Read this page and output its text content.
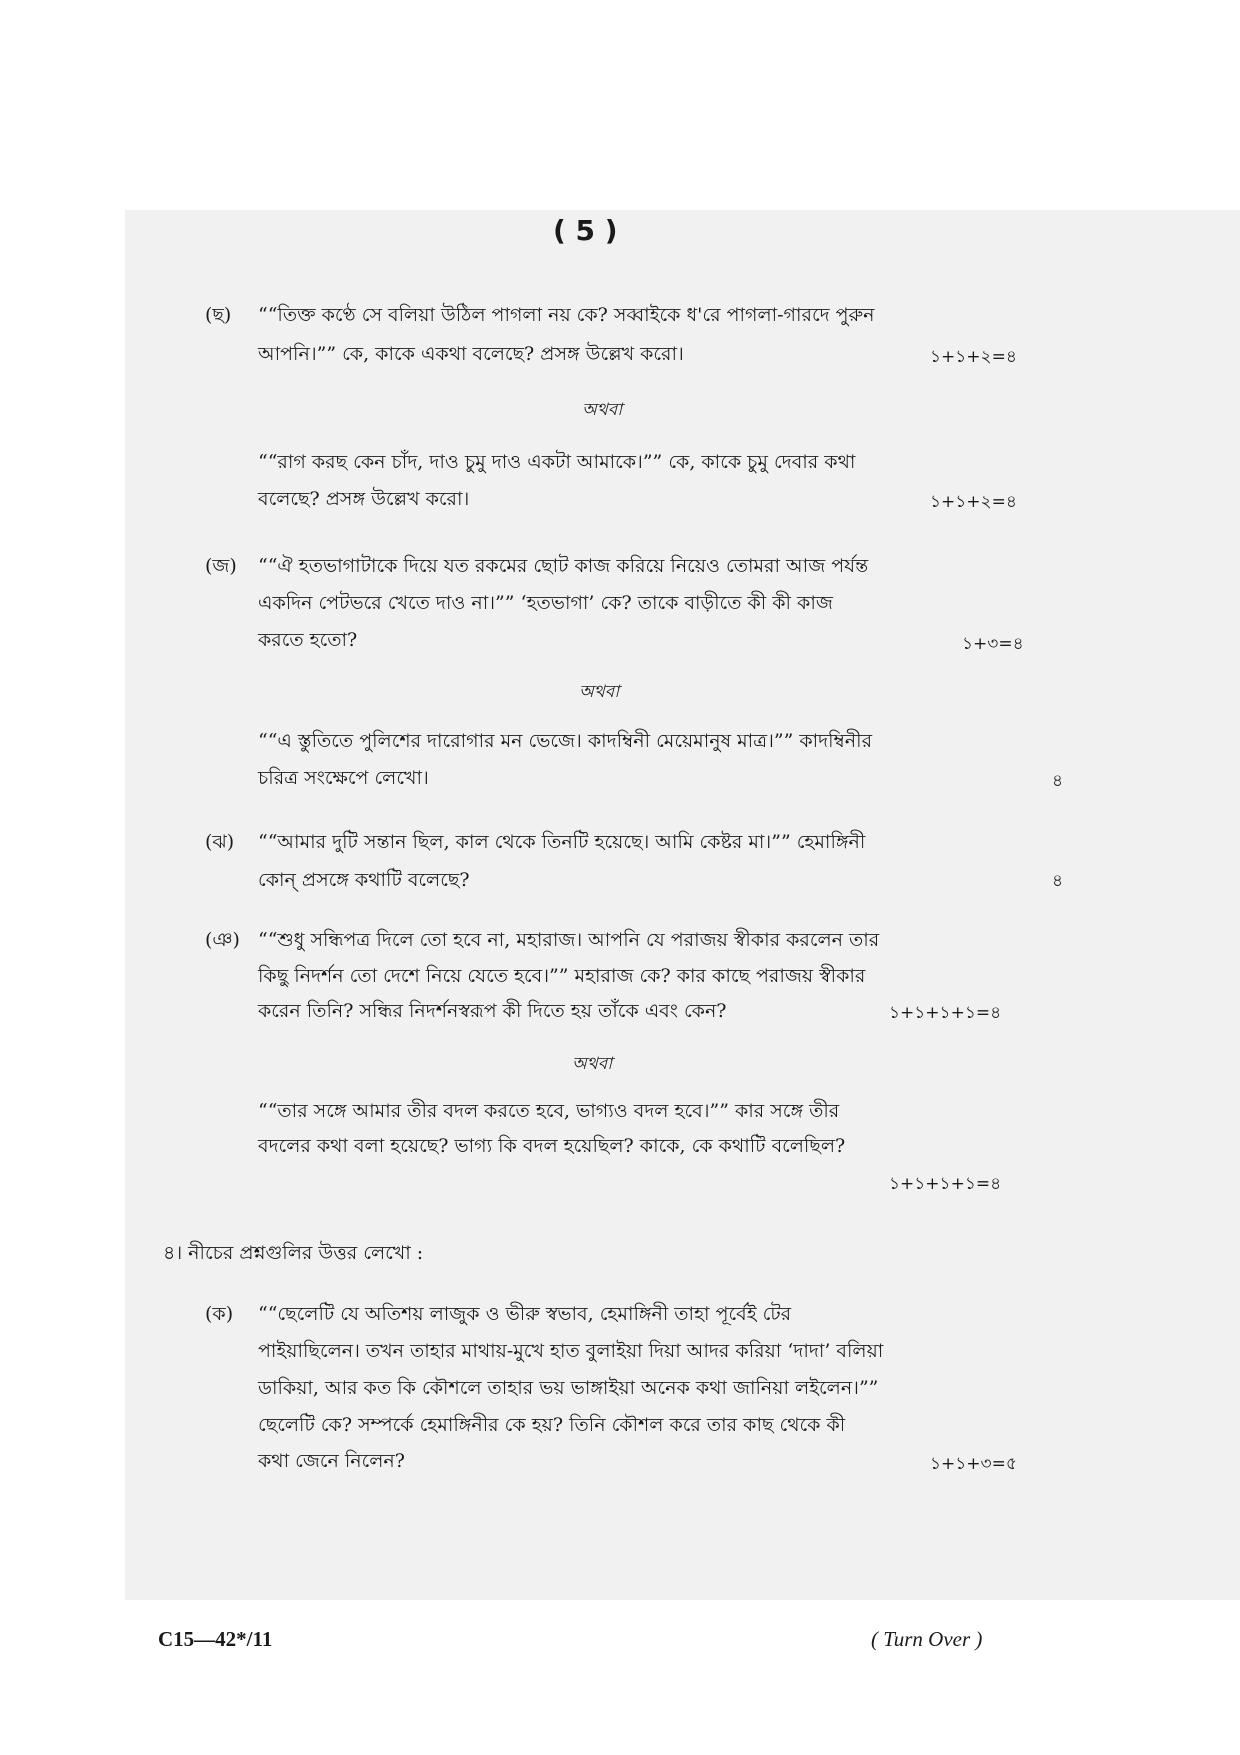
( 5 )
(ছ) ““তিক্ত কণ্ঠে সে বলিয়া উঠিল পাগলা নয় কে? সব্বাইকে ধ'রে পাগলা-গারদে পুরুন
আপনি।”” কে, কাকে একথা বলেছে? প্রসঙ্গ উল্লেখ করো।	১+১+২=৪
অথবা
““রাগ করছ কেন চাঁদ, দাও চুমু দাও একটা আমাকে।”” কে, কাকে চুমু দেবার কথা
বলেছে? প্রসঙ্গ উল্লেখ করো।	১+১+২=৪
(জ) ““ঐ হতভাগাটাকে দিয়ে যত রকমের ছোট কাজ করিয়ে নিয়েও তোমরা আজ পর্যন্ত
একদিন পেটভরে খেতে দাও না।”” ‘হতভাগা’ কে? তাকে বাড়ীতে কী কী কাজ
করতে হতো?	১+৩=৪
অথবা
““এ স্তুতিতে পুলিশের দারোগার মন ভেজে। কাদম্বিনী মেয়েমানুষ মাত্র।”” কাদম্বিনীর
চরিত্র সংক্ষেপে লেখো।	৪
(ঝ) ““আমার দুটি সন্তান ছিল, কাল থেকে তিনটি হয়েছে। আমি কেষ্টর মা।”” হেমাঙ্গিনী
কোন্ প্রসঙ্গে কথাটি বলেছে?	৪
(ঞ) ““শুধু সন্ধিপত্র দিলে তো হবে না, মহারাজ। আপনি যে পরাজয় স্বীকার করলেন তার
কিছু নিদর্শন তো দেশে নিয়ে যেতে হবে।”” মহারাজ কে? কার কাছে পরাজয় স্বীকার
করেন তিনি? সন্ধির নিদর্শনস্বরূপ কী দিতে হয় তাঁকে এবং কেন?	১+১+১+১=৪
অথবা
““তার সঙ্গে আমার তীর বদল করতে হবে, ভাগ্যও বদল হবে।”” কার সঙ্গে তীর
বদলের কথা বলা হয়েছে? ভাগ্য কি বদল হয়েছিল? কাকে, কে কথাটি বলেছিল?
১+১+১+১=৪
৪। নীচের প্রশ্নগুলির উত্তর লেখো :
(ক) ““ছেলেটি যে অতিশয় লাজুক ও ভীরু স্বভাব, হেমাঙ্গিনী তাহা পূর্বেই টের
পাইয়াছিলেন। তখন তাহার মাথায়-মুখে হাত বুলাইয়া দিয়া আদর করিয়া ‘দাদা’ বলিয়া
ডাকিয়া, আর কত কি কৌশলে তাহার ভয় ভাঙ্গাইয়া অনেক কথা জানিয়া লইলেন।””
ছেলেটি কে? সম্পর্কে হেমাঙ্গিনীর কে হয়? তিনি কৌশল করে তার কাছ থেকে কী
কথা জেনে নিলেন?	১+১+৩=৫
C15—42*/11	( Turn Over )
